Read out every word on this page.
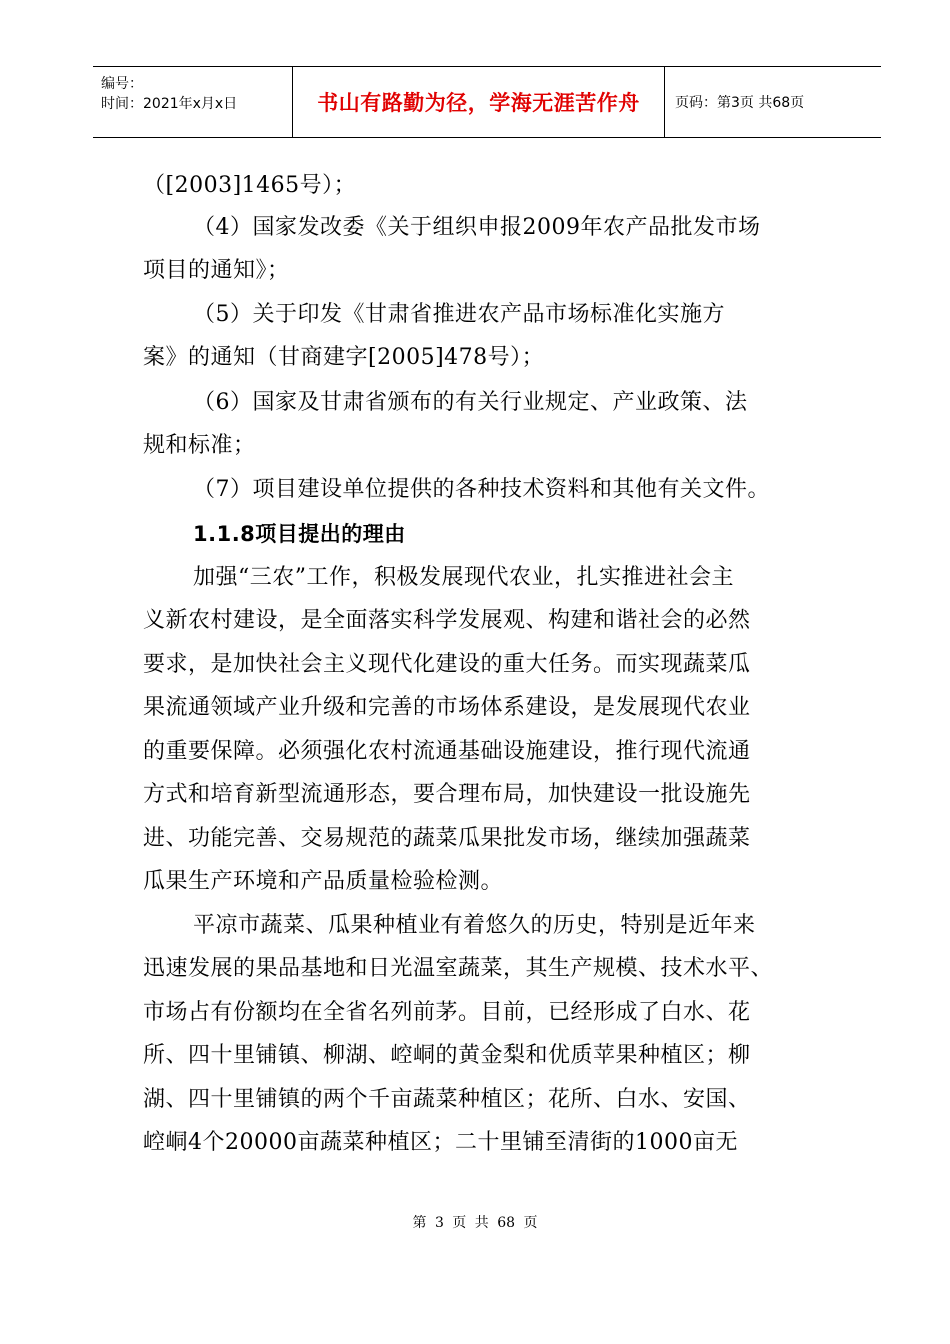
编号：
时间：2021年x月x日	书山有路勤为径，学海无涯苦作舟	页码：第3页 共68页
（[2003]1465号）；
（4）国家发改委《关于组织申报2009年农产品批发市场
项目的通知》；
（5）关于印发《甘肃省推进农产品市场标准化实施方
案》的通知（甘商建字[2005]478号）；
（6）国家及甘肃省颁布的有关行业规定、产业政策、法
规和标准；
（7）项目建设单位提供的各种技术资料和其他有关文件。
1.1.8项目提出的理由
加强“三农”工作，积极发展现代农业，扎实推进社会主
义新农村建设，是全面落实科学发展观、构建和谐社会的必然
要求，是加快社会主义现代化建设的重大任务。而实现蔬菜瓜
果流通领域产业升级和完善的市场体系建设，是发展现代农业
的重要保障。必须强化农村流通基础设施建设，推行现代流通
方式和培育新型流通形态，要合理布局，加快建设一批设施先
进、功能完善、交易规范的蔬菜瓜果批发市场，继续加强蔬菜
瓜果生产环境和产品质量检验检测。
平凉市蔬菜、瓜果种植业有着悠久的历史，特别是近年来
迅速发展的果品基地和日光温室蔬菜，其生产规模、技术水平、
市场占有份额均在全省名列前茅。目前，已经形成了白水、花
所、四十里铺镇、柳湖、崆峒的黄金梨和优质苹果种植区；柳
湖、四十里铺镇的两个千亩蔬菜种植区；花所、白水、安国、
崆峒4个20000亩蔬菜种植区；二十里铺至清街的1000亩无
第 3 页 共 68 页
